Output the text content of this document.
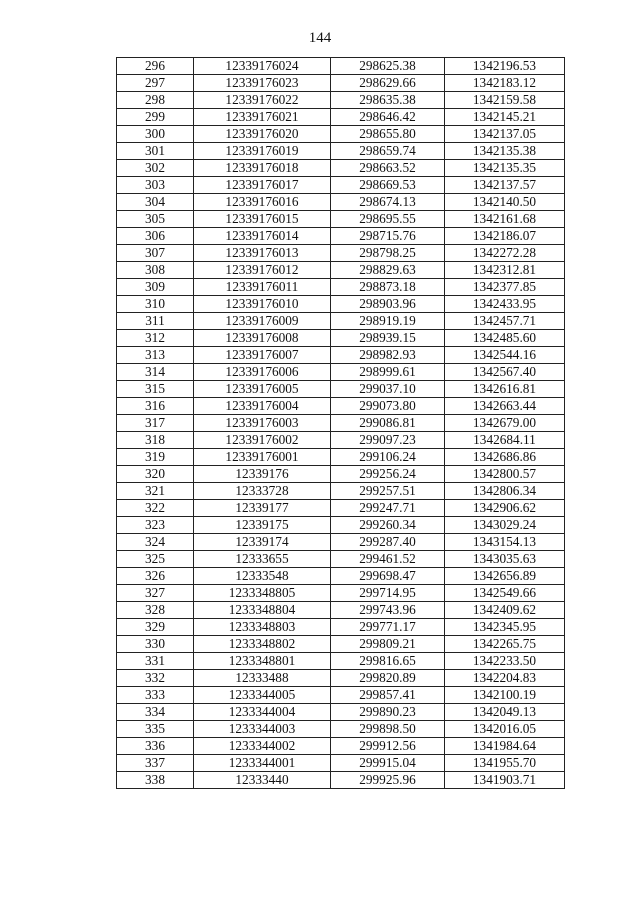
144
296	12339176024	298625.38	1342196.53
297	12339176023	298629.66	1342183.12
298	12339176022	298635.38	1342159.58
299	12339176021	298646.42	1342145.21
300	12339176020	298655.80	1342137.05
301	12339176019	298659.74	1342135.38
302	12339176018	298663.52	1342135.35
303	12339176017	298669.53	1342137.57
304	12339176016	298674.13	1342140.50
305	12339176015	298695.55	1342161.68
306	12339176014	298715.76	1342186.07
307	12339176013	298798.25	1342272.28
308	12339176012	298829.63	1342312.81
309	12339176011	298873.18	1342377.85
310	12339176010	298903.96	1342433.95
311	12339176009	298919.19	1342457.71
312	12339176008	298939.15	1342485.60
313	12339176007	298982.93	1342544.16
314	12339176006	298999.61	1342567.40
315	12339176005	299037.10	1342616.81
316	12339176004	299073.80	1342663.44
317	12339176003	299086.81	1342679.00
318	12339176002	299097.23	1342684.11
319	12339176001	299106.24	1342686.86
320	12339176	299256.24	1342800.57
321	12333728	299257.51	1342806.34
322	12339177	299247.71	1342906.62
323	12339175	299260.34	1343029.24
324	12339174	299287.40	1343154.13
325	12333655	299461.52	1343035.63
326	12333548	299698.47	1342656.89
327	1233348805	299714.95	1342549.66
328	1233348804	299743.96	1342409.62
329	1233348803	299771.17	1342345.95
330	1233348802	299809.21	1342265.75
331	1233348801	299816.65	1342233.50
332	12333488	299820.89	1342204.83
333	1233344005	299857.41	1342100.19
334	1233344004	299890.23	1342049.13
335	1233344003	299898.50	1342016.05
336	1233344002	299912.56	1341984.64
337	1233344001	299915.04	1341955.70
338	12333440	299925.96	1341903.71
